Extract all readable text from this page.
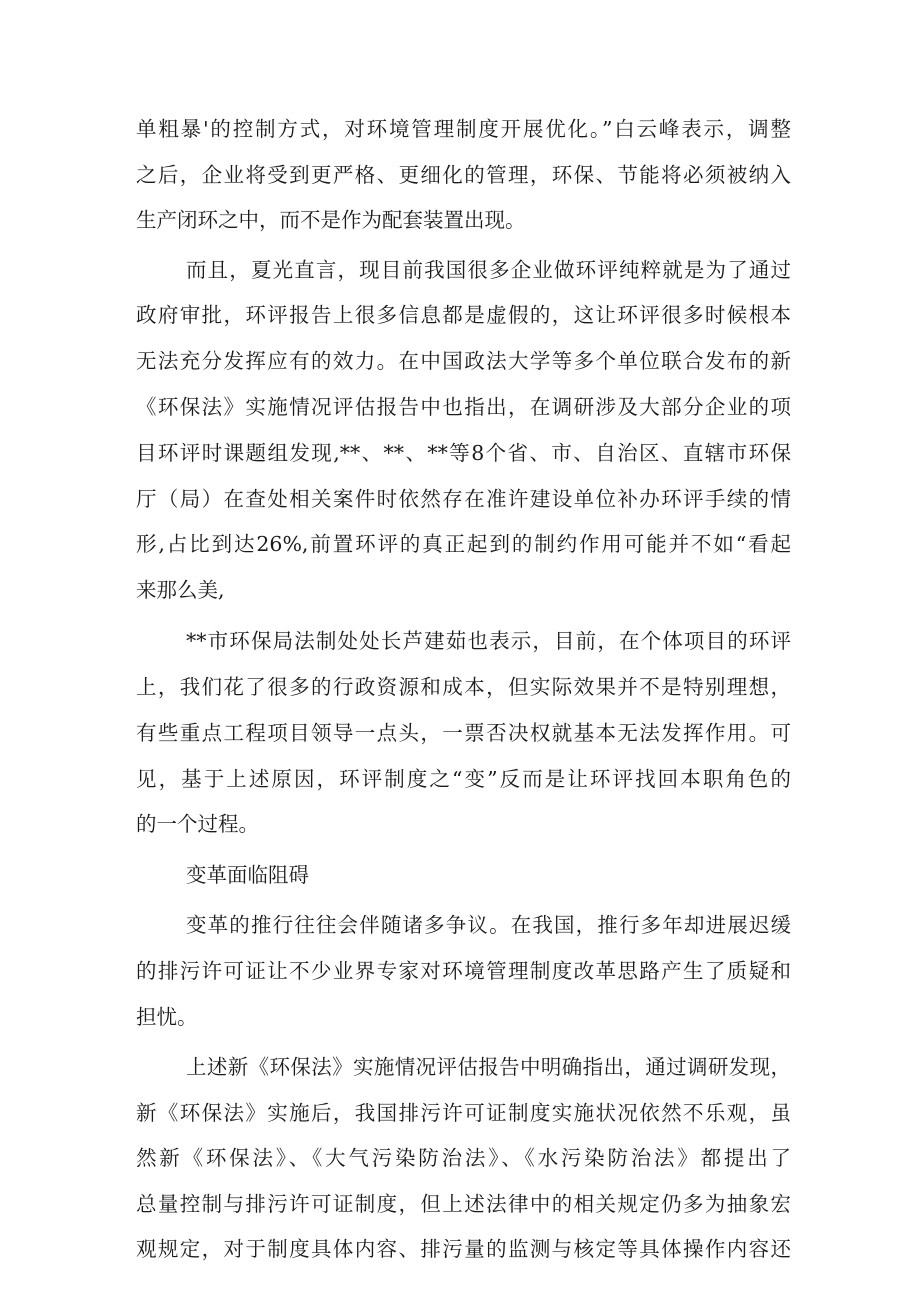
单粗暴'的控制方式，对环境管理制度开展优化。”白云峰表示，调整

之后，企业将受到更严格、更细化的管理，环保、节能将必须被纳入

生产闭环之中，而不是作为配套装置出现。

而且，夏光直言，现目前我国很多企业做环评纯粹就是为了通过

政府审批，环评报告上很多信息都是虚假的，这让环评很多时候根本

无法充分发挥应有的效力。在中国政法大学等多个单位联合发布的新

《环保法》实施情况评估报告中也指出，在调研涉及大部分企业的项

目环评时课题组发现,**、**、**等8个省、市、自治区、直辖市环保

厅（局）在查处相关案件时依然存在准许建设单位补办环评手续的情

形,占比到达26%,前置环评的真正起到的制约作用可能并不如“看起

来那么美,

**市环保局法制处处长芦建茹也表示，目前，在个体项目的环评

上，我们花了很多的行政资源和成本，但实际效果并不是特别理想，

有些重点工程项目领导一点头，一票否决权就基本无法发挥作用。可

见，基于上述原因，环评制度之“变”反而是让环评找回本职角色的

的一个过程。

变革面临阻碍

变革的推行往往会伴随诸多争议。在我国，推行多年却进展迟缓

的排污许可证让不少业界专家对环境管理制度改革思路产生了质疑和

担忧。

上述新《环保法》实施情况评估报告中明确指出，通过调研发现，

新《环保法》实施后，我国排污许可证制度实施状况依然不乐观，虽

然新《环保法》、《大气污染防治法》、《水污染防治法》都提出了

总量控制与排污许可证制度，但上述法律中的相关规定仍多为抽象宏

观规定，对于制度具体内容、排污量的监测与核定等具体操作内容还
